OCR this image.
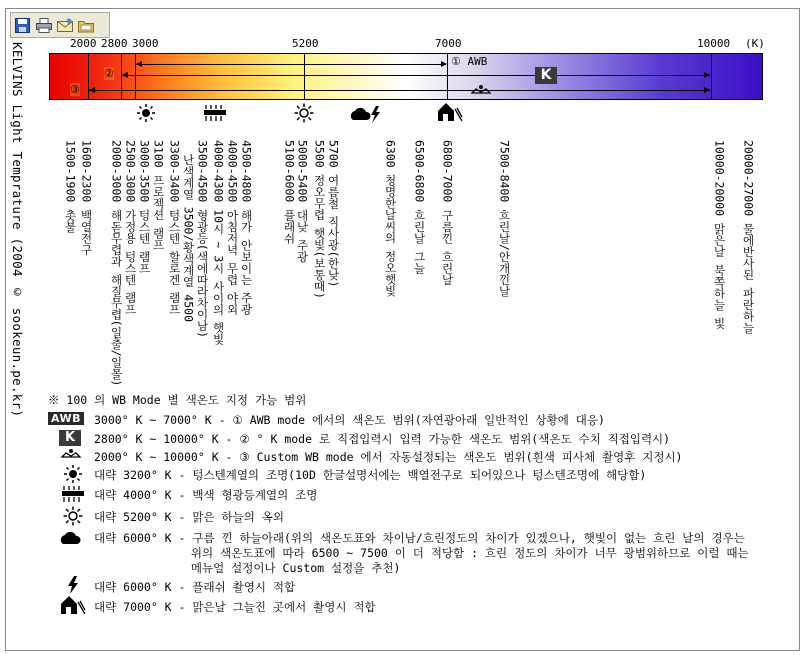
KELVINS Light Temprature (2004 © sookeun.pe.kr)	2000 2800 3000	5200	7000	10000 (K)
① AWB
②
③
K
1500-1900 촛불 1600-2300 백열전구 2000-3000 해돋무렵과 해질무렵(일출/일몰) 2500-3000 가정용 텅스텐 램프 3000-3500 텅스텐 램프 3100 프로젝션 램프 3300-3400 텅스텐 할로겐 램프 3500-4500 형광등(색에따라차이남)
난색계열 3500/황색계열 4500 4000-4300 10시 ~ 3시 사이의 햇빛 4000-4500 아침저녁 무렵 야외 4500-4800 해가 안보이는 주광	5000-5400 대낮 주광
5100-6000 플래쉬 5500 정오무렵 햇빛(보통때) 5700 여름철 직사광(한낮)	6300 청명한날씨의 정오햇빛 6500-6800 흐린날 그늘 6800-7000 구름낀 흐린날	7500-8400 흐린날/안개낀날	10000-20000 맑은날 북쪽하늘 빛 20000-27000 물에반사된 파란하늘
※ 100 의 WB Mode 별 색온도 지정 가능 범위
AWB 3000° K ~ 7000° K - ① AWB mode 에서의 색온도 범위(자연광아래 일반적인 상황에 대응)
K	2800° K ~ 10000° K - ② ° K mode 로 직접입력시 입력 가능한 색온도 범위(색온도 수치 직접입력시)
2000° K ~ 10000° K - ③ Custom WB mode 에서 자동설정되는 색온도 범위(흰색 피사체 촬영후 지정시)
대략 3200° K - 텅스텐계열의 조명(10D 한글설명서에는 백열전구로 되어있으나 텅스텐조명에 해당함)
대략 4000° K - 백색 형광등계열의 조명
대략 5200° K - 맑은 하늘의 옥외
대략 6000° K - 구름 낀 하늘아래(위의 색온도표와 차이남/흐린정도의 차이가 있겠으나, 햇빛이 없는 흐린 날의 경우는
위의 색온도표에 따라 6500 ~ 7500 이 더 적당함 : 흐린 정도의 차이가 너무 광범위하므로 이럴 때는
메뉴얼 설정이나 Custom 설정을 추천)
대략 6000° K - 플래쉬 촬영시 적합
대략 7000° K - 맑은날 그늘진 곳에서 촬영시 적합
